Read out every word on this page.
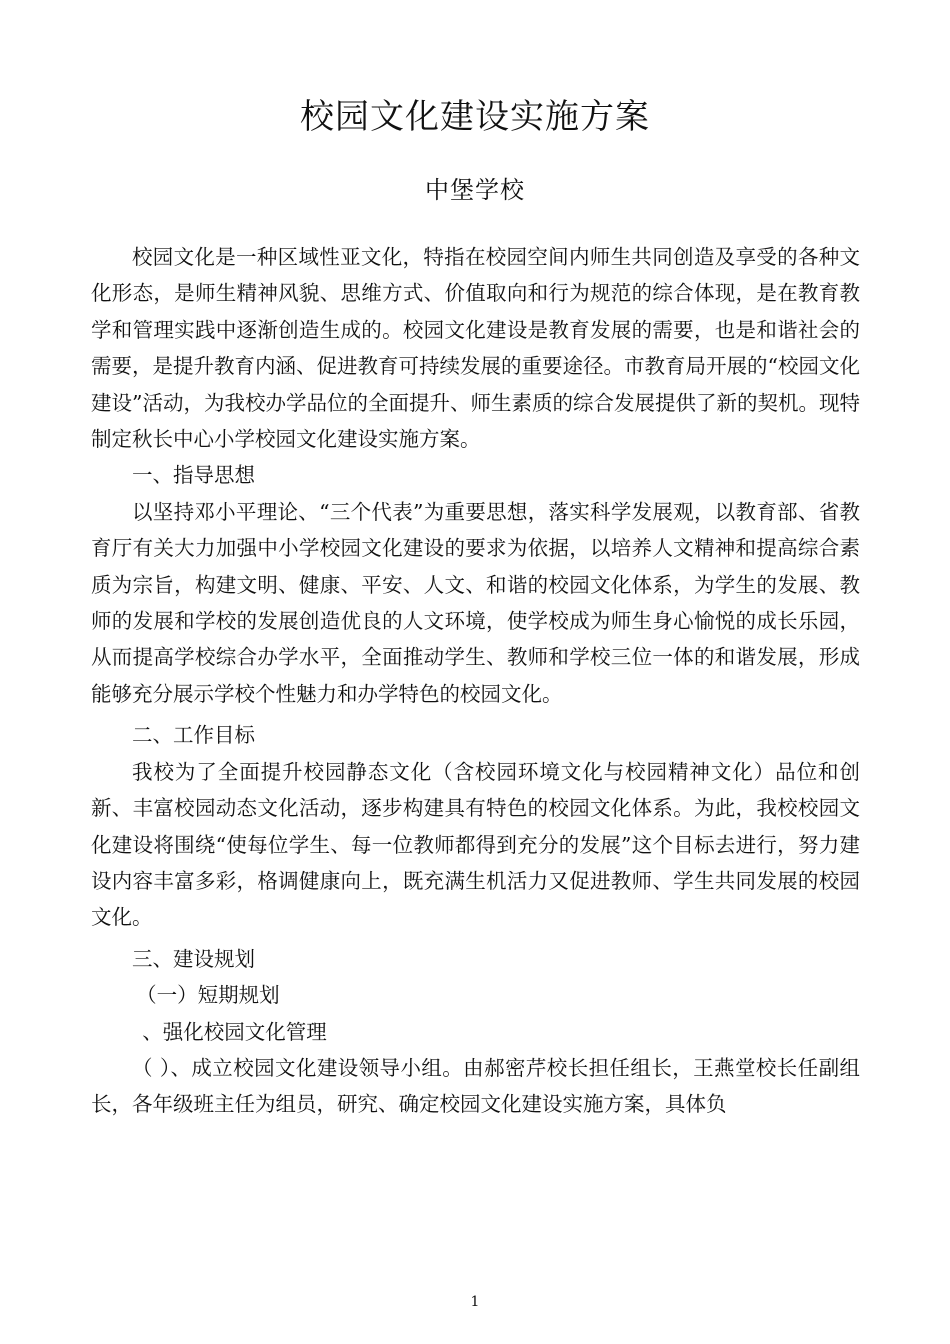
校园文化建设实施方案
中堡学校

校园文化是一种区域性亚文化，特指在校园空间内师生共同创造及享受的各种文化形态，是师生精神风貌、思维方式、价值取向和行为规范的综合体现，是在教育教学和管理实践中逐渐创造生成的。校园文化建设是教育发展的需要，也是和谐社会的需要，是提升教育内涵、促进教育可持续发展的重要途径。市教育局开展的“校园文化建设”活动，为我校办学品位的全面提升、师生素质的综合发展提供了新的契机。现特制定秋长中心小学校园文化建设实施方案。

一、指导思想

以坚持邓小平理论、“三个代表”为重要思想，落实科学发展观，以教育部、省教育厅有关大力加强中小学校园文化建设的要求为依据，以培养人文精神和提高综合素质为宗旨，构建文明、健康、平安、人文、和谐的校园文化体系，为学生的发展、教师的发展和学校的发展创造优良的人文环境，使学校成为师生身心愉悦的成长乐园，从而提高学校综合办学水平，全面推动学生、教师和学校三位一体的和谐发展，形成能够充分展示学校个性魅力和办学特色的校园文化。

二、工作目标

我校为了全面提升校园静态文化（含校园环境文化与校园精神文化）品位和创新、丰富校园动态文化活动，逐步构建具有特色的校园文化体系。为此，我校校园文化建设将围绕“使每位学生、每一位教师都得到充分的发展”这个目标去进行，努力建设内容丰富多彩，格调健康向上，既充满生机活力又促进教师、学生共同发展的校园文化。

三、建设规划

（一）短期规划

、强化校园文化管理

（ ）、成立校园文化建设领导小组。由郝密芹校长担任组长，王燕堂校长任副组长，各年级班主任为组员，研究、确定校园文化建设实施方案，具体负

1
